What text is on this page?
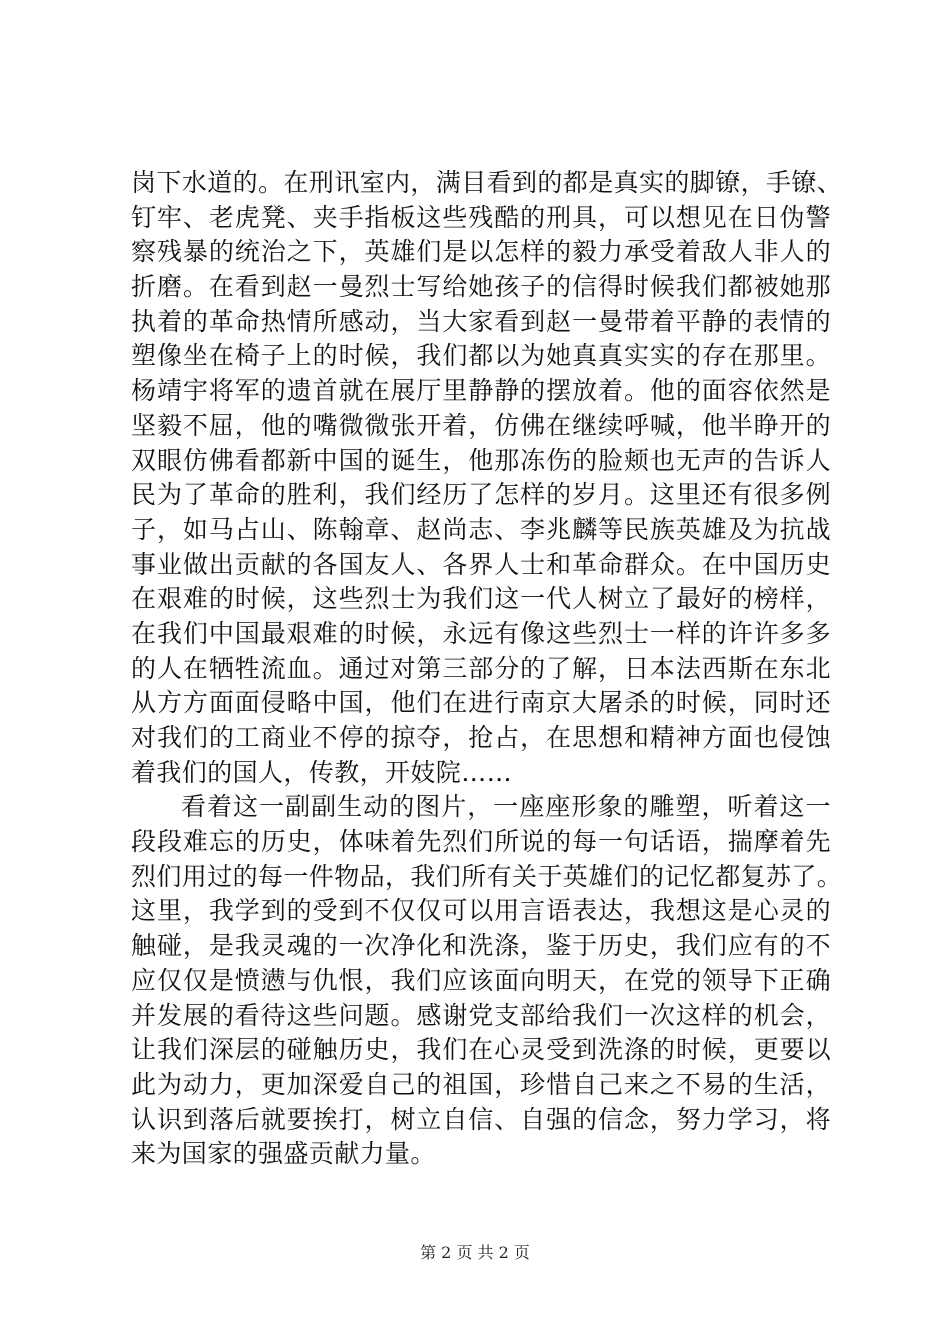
岗下水道的。在刑讯室内，满目看到的都是真实的脚镣，手镣、
钉牢、老虎凳、夹手指板这些残酷的刑具，可以想见在日伪警
察残暴的统治之下，英雄们是以怎样的毅力承受着敌人非人的
折磨。在看到赵一曼烈士写给她孩子的信得时候我们都被她那
执着的革命热情所感动，当大家看到赵一曼带着平静的表情的
塑像坐在椅子上的时候，我们都以为她真真实实的存在那里。
杨靖宇将军的遗首就在展厅里静静的摆放着。他的面容依然是
坚毅不屈，他的嘴微微张开着，仿佛在继续呼喊，他半睁开的
双眼仿佛看都新中国的诞生，他那冻伤的脸颊也无声的告诉人
民为了革命的胜利，我们经历了怎样的岁月。这里还有很多例
子，如马占山、陈翰章、赵尚志、李兆麟等民族英雄及为抗战
事业做出贡献的各国友人、各界人士和革命群众。在中国历史
在艰难的时候，这些烈士为我们这一代人树立了最好的榜样，
在我们中国最艰难的时候，永远有像这些烈士一样的许许多多
的人在牺牲流血。通过对第三部分的了解，日本法西斯在东北
从方方面面侵略中国，他们在进行南京大屠杀的时候，同时还
对我们的工商业不停的掠夺，抢占，在思想和精神方面也侵蚀
着我们的国人，传教，开妓院……
看着这一副副生动的图片，一座座形象的雕塑，听着这一
段段难忘的历史，体味着先烈们所说的每一句话语，揣摩着先
烈们用过的每一件物品，我们所有关于英雄们的记忆都复苏了。
这里，我学到的受到不仅仅可以用言语表达，我想这是心灵的
触碰，是我灵魂的一次净化和洗涤，鉴于历史，我们应有的不
应仅仅是愤懑与仇恨，我们应该面向明天，在党的领导下正确
并发展的看待这些问题。感谢党支部给我们一次这样的机会，
让我们深层的碰触历史，我们在心灵受到洗涤的时候，更要以
此为动力，更加深爱自己的祖国，珍惜自己来之不易的生活，
认识到落后就要挨打，树立自信、自强的信念，努力学习，将
来为国家的强盛贡献力量。
第 2 页 共 2 页
